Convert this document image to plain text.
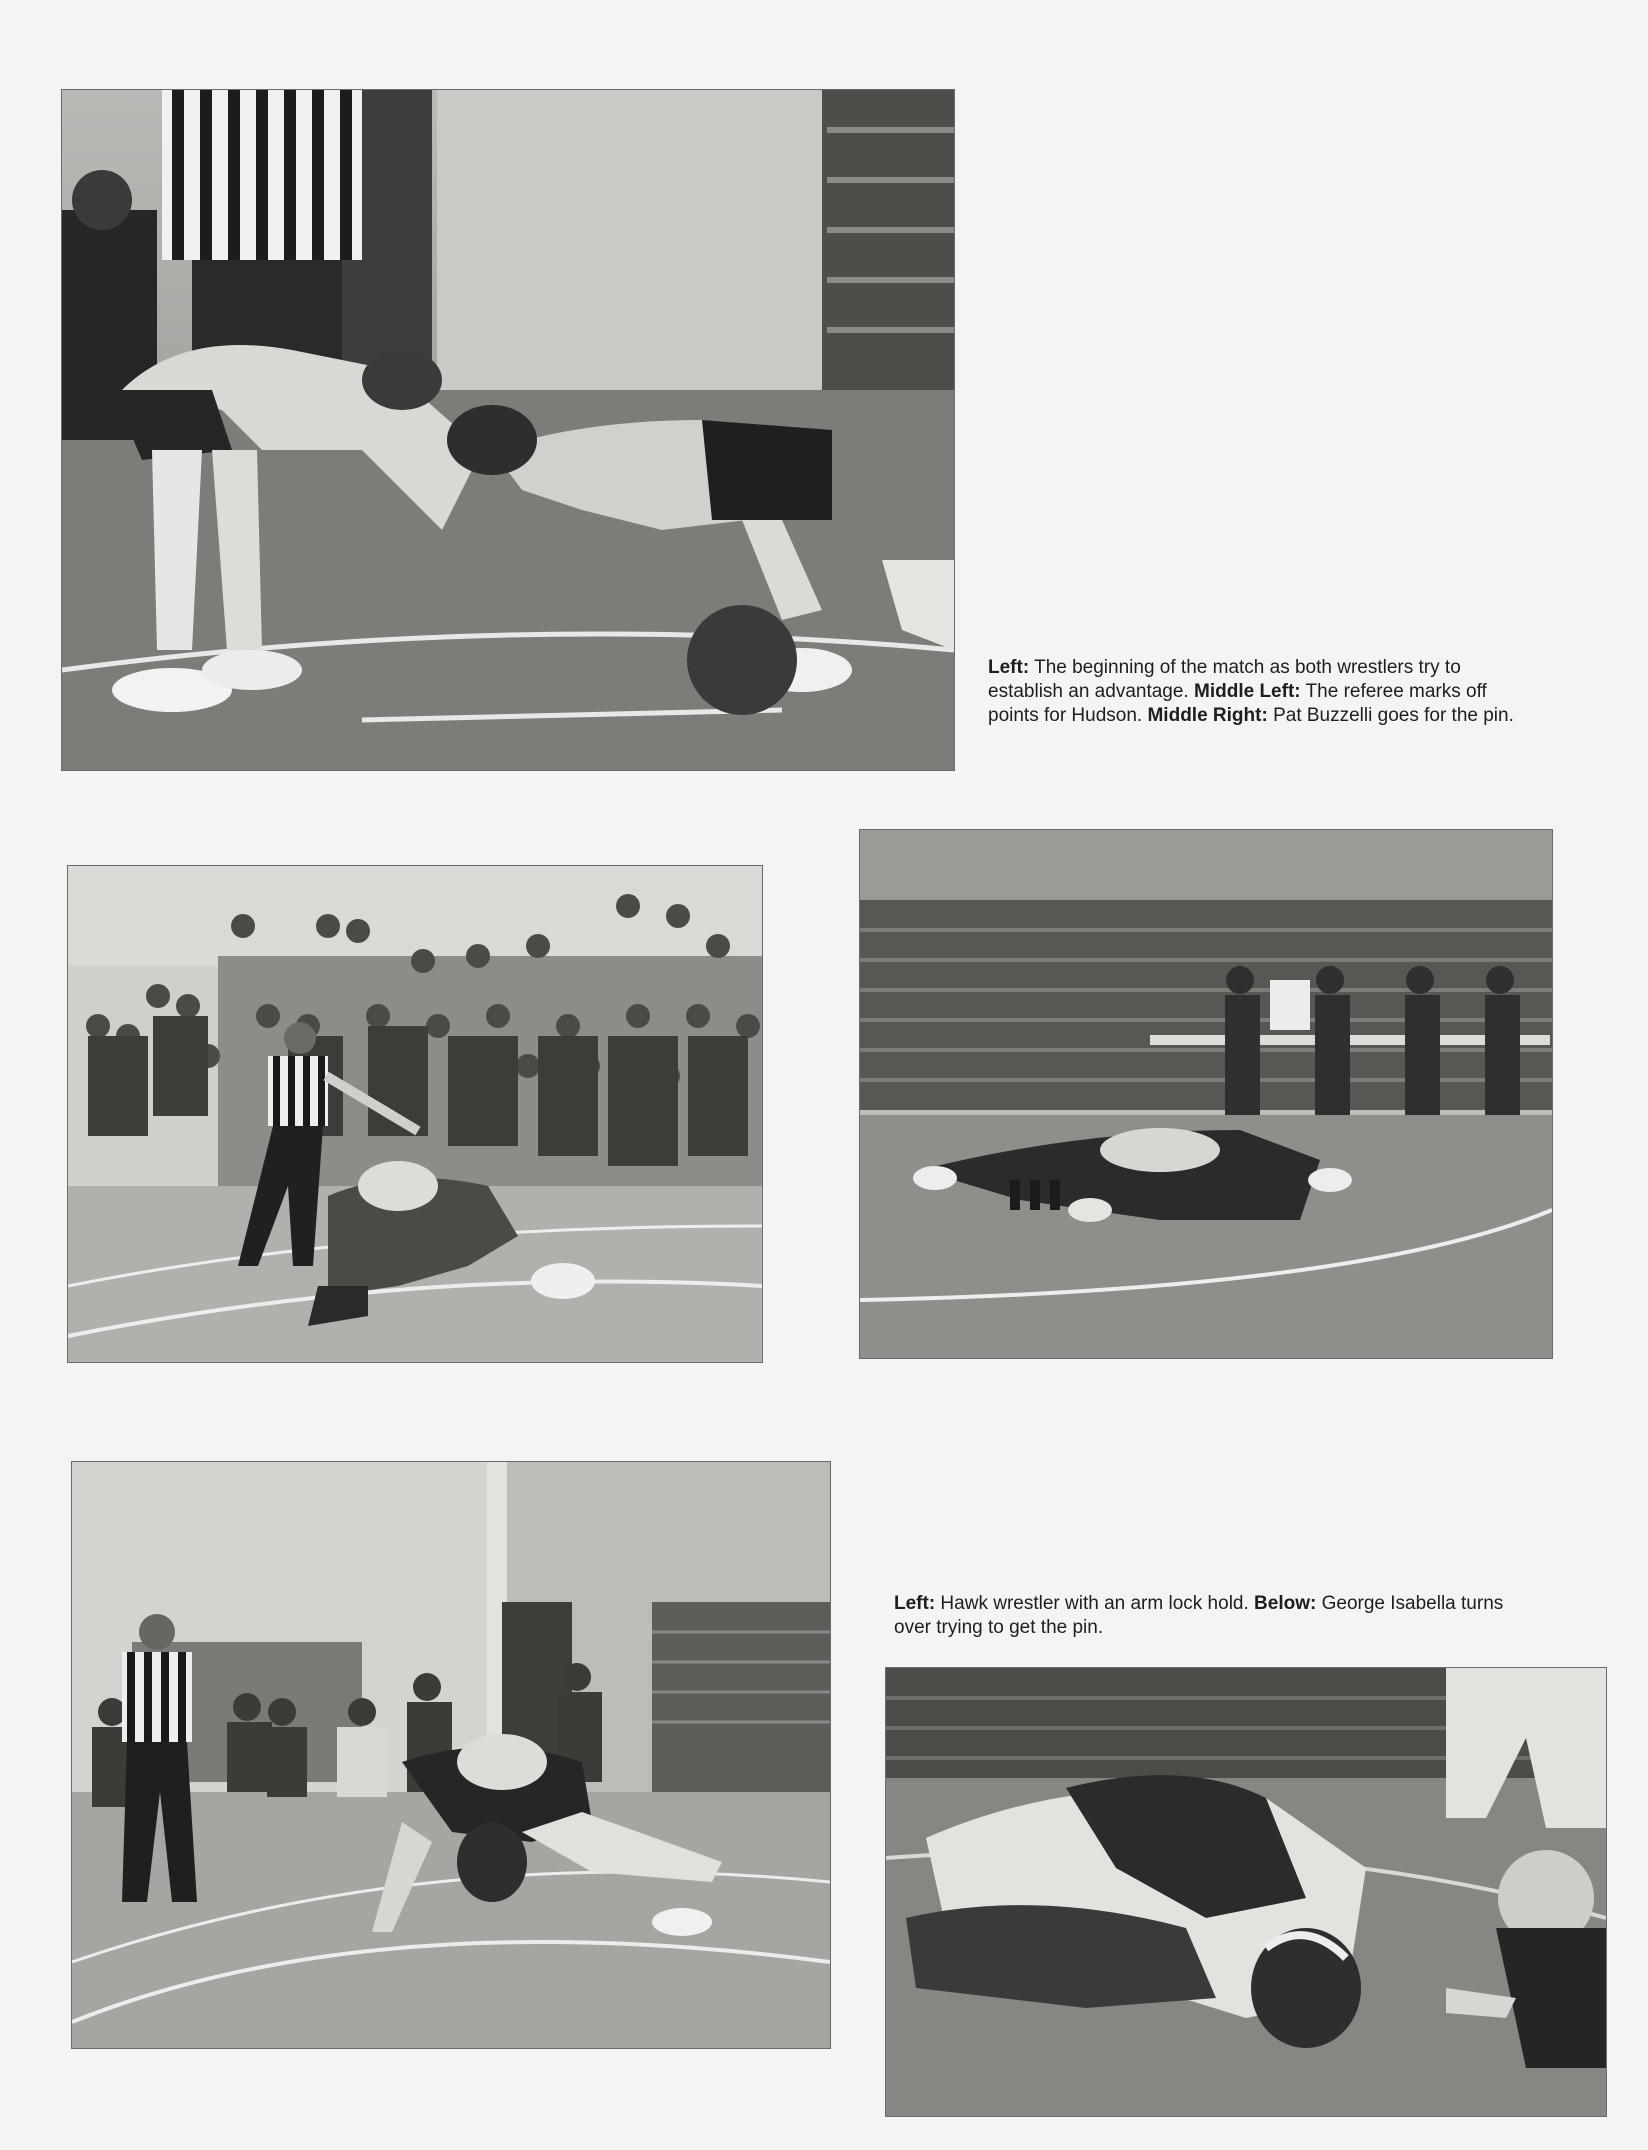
Left: The beginning of the match as both wrestlers try to establish an advantage. Middle Left: The referee marks off points for Hudson. Middle Right: Pat Buzzelli goes for the pin.
Left: Hawk wrestler with an arm lock hold. Below: George Isabella turns over trying to get the pin.
